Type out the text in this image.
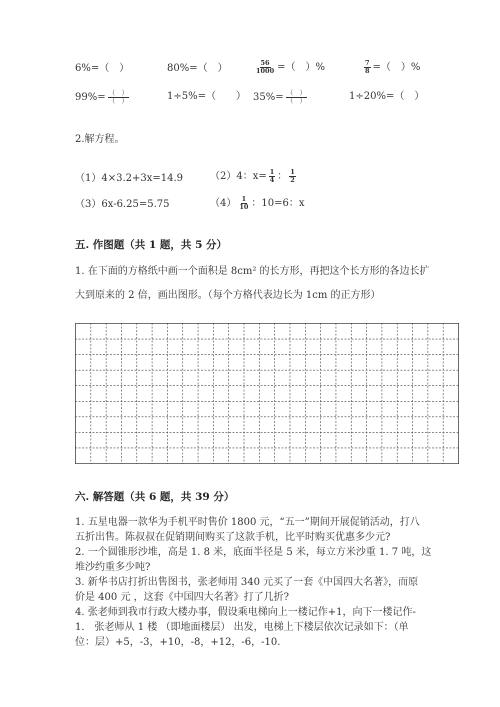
6%=（　 ）	80%=（　 ）	$\frac{56}{1000}$ =（　）%	$\frac{7}{8}$ =（　）%
$99\%= \frac{( )}{( )}$	1÷5%=（　　） $35\%= \frac{( )}{( )}$	1÷20%=（　）
2.解方程。
（1）4×3.2+3x=14.9	（2）4：$x= \frac{1}{4}$ ： $\frac{1}{2}$
（3）6x-6.25=5.75	$(4) \frac{1}{10}$ ：10=6：x
五. 作图题（共 1 题，共 5 分）
1. 在下面的方格纸中画一个面积是 8cm² 的长方形，再把这个长方形的各边长扩
大到原来的 2 倍，画出图形。（每个方格代表边长为 1cm 的正方形）
六. 解答题（共 6 题，共 39 分）
1. 五星电器一款华为手机平时售价 1800 元，“五一”期间开展促销活动，打八
五折出售。陈叔叔在促销期间购买了这款手机，比平时购买优惠多少元?
2. 一个圆锥形沙堆，高是 1. 8 米，底面半径是 5 米，每立方米沙重 1. 7 吨，这
堆沙约重多少吨?
3. 新华书店打折出售图书，张老师用 340 元买了一套《中国四大名著》，而原
价是 400 元 ，这套《中国四大名著》打了几折?
4. 张老师到我市行政大楼办事，假设乘电梯向上一楼记作+1，向下一楼记作-
1． 张老师从 1 楼 （即地面楼层） 出发，电梯上下楼层依次记录如下：（单
位：层）+5，-3，+10，-8，+12，-6，-10.
